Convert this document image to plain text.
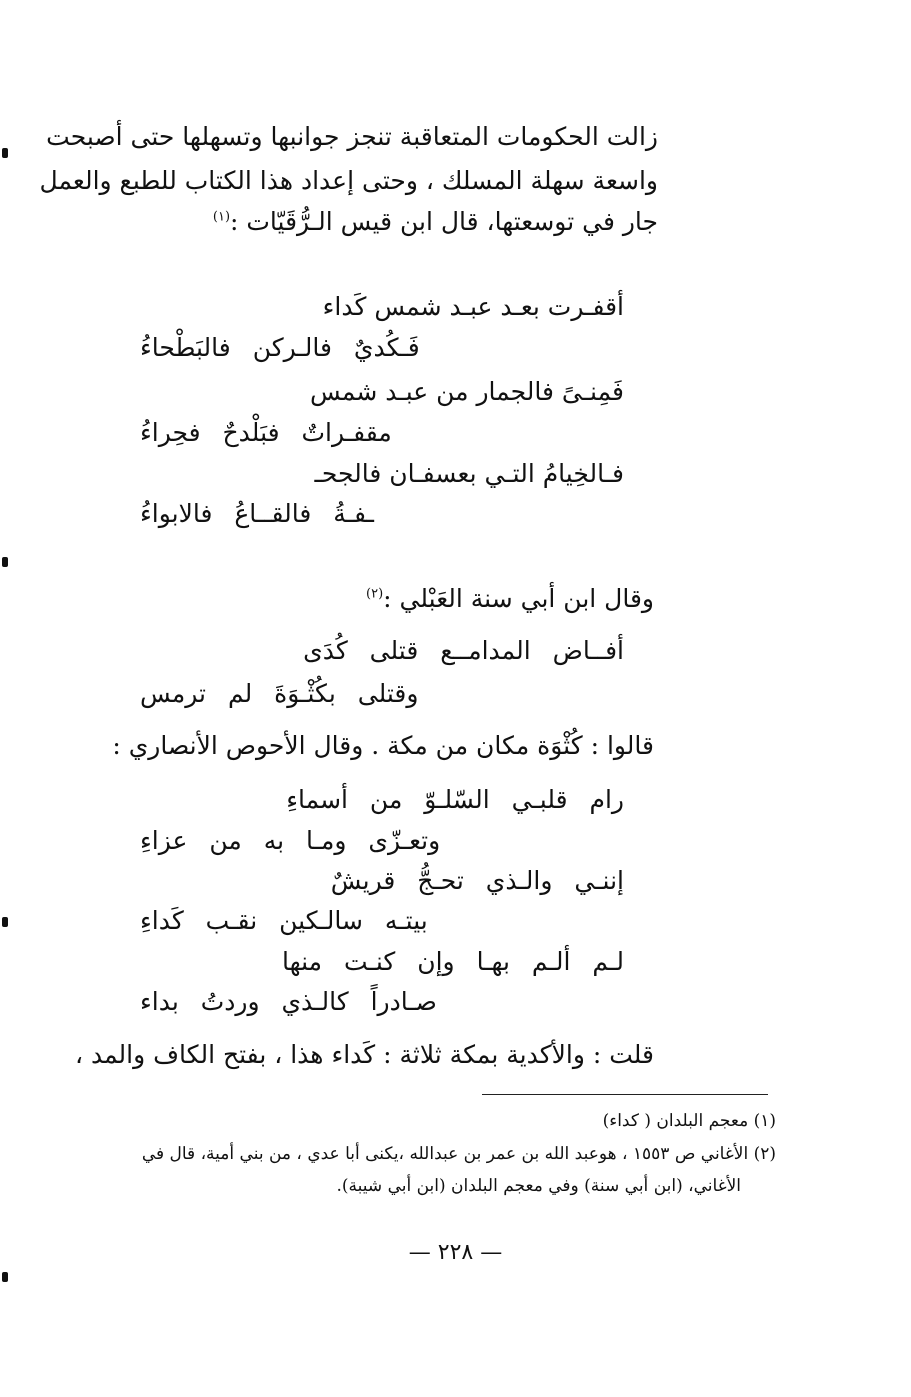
زالت الحكومات المتعاقبة تنجز جوانبها وتسهلها حتى أصبحت
واسعة سهلة المسلك ، وحتى إعداد هذا الكتاب للطبع والعمل
جار في توسعتها، قال ابن قيس الـرُّقَيّات :$^{(١)}$
أقفـرت بعـد عبـد شمس كَداء
فَـكُديٌ فالـركن فالبَطْحاءُ
فَمِنـىً فالجمار من عبـد شمس
مقفـراتٌ فبَلْدحٌ فحِراءُ
فـالخِيامُ التـي بعسفـان فالجحـ
ـفـةُ فالقــاعُ فالابواءُ
وقال ابن أبي سنة العَبْلي :$^{(٢)}$
أفــاض المدامــع قتلى كُدَى
وقتلى بكُثْـوَةَ لم ترمس
قالوا : كُثْوَة مكان من مكة . وقال الأحوص الأنصاري :
رام قلبـي السّلـوّ من أسماءِ
وتعـزّى ومـا به من عزاءِ
إننـي والـذي تحـجُّ قريشٌ
بيتـه سالـكين نقـب كَداءِ
لـم ألـم بهـا وإن كنـت منها
صـادراً كالـذي وردتُ بداء
قلت : والأكدية بمكة ثلاثة : كَداء هذا ، بفتح الكاف والمد ،
(١) معجم البلدان ( كداء)
(٢) الأغاني ص ١٥٥٣ ، هوعبد الله بن عمر بن عبدالله ،يكنى أبا عدي ، من بني أمية، قال في
الأغاني، (ابن أبي سنة) وفي معجم البلدان (ابن أبي شيبة).
— ٢٢٨ —
